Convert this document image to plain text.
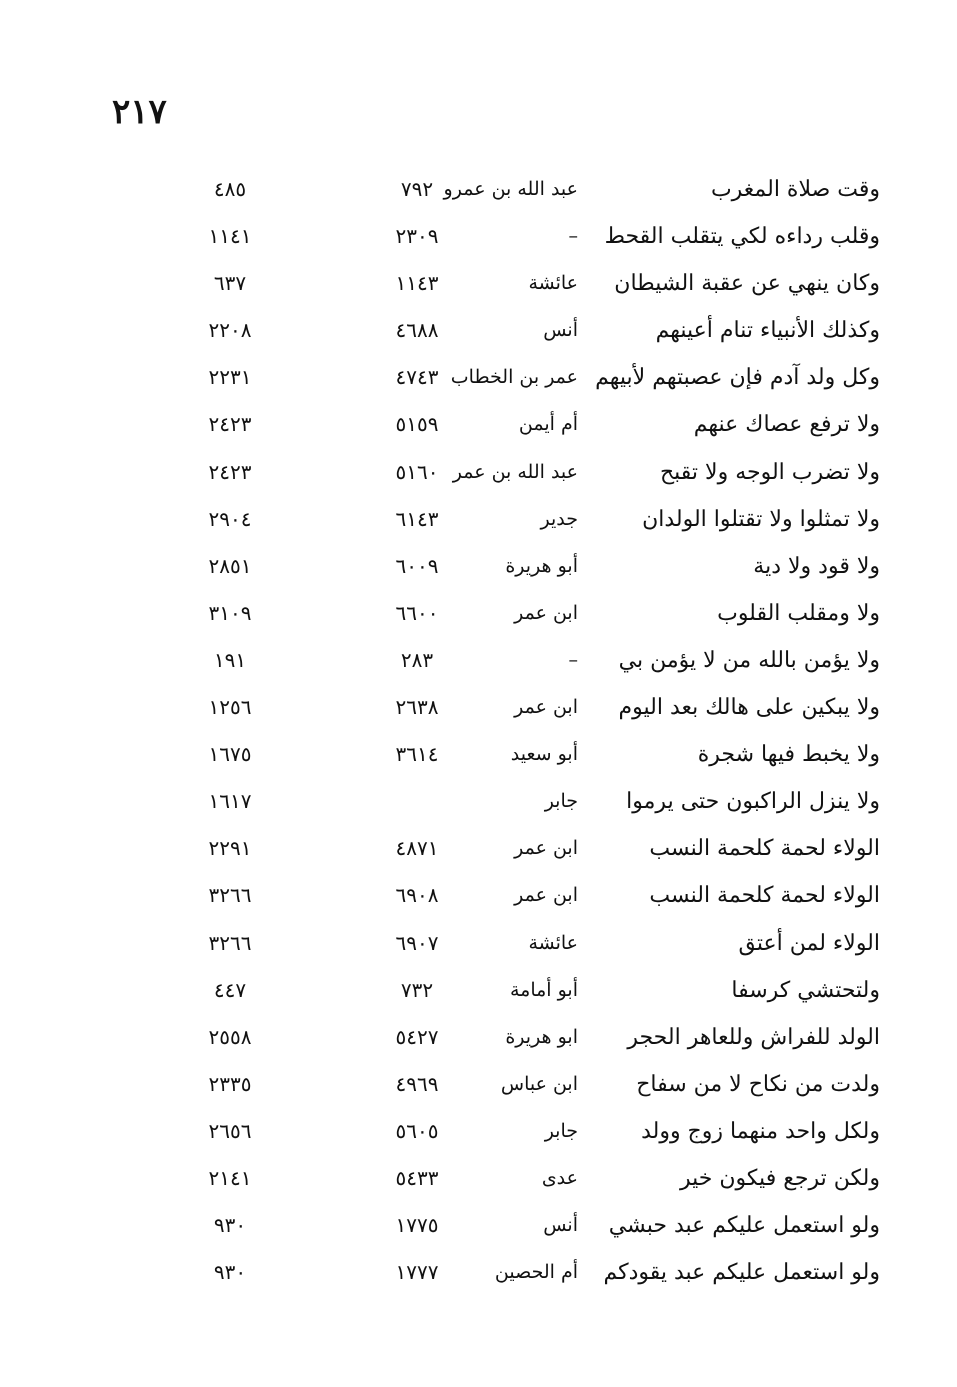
٢١٧
وقت صلاة المغرب
عبد الله بن عمرو
٧٩٢
٤٨٥
وقلب رداءه لكي يتقلب القحط
–
٢٣٠٩
١١٤١
وكان ينهي عن عقبة الشيطان
عائشة
١١٤٣
٦٣٧
وكذلك الأنبياء تنام أعينهم
أنس
٤٦٨٨
٢٢٠٨
وكل ولد آدم فإن عصبتهم لأبيهم
عمر بن الخطاب
٤٧٤٣
٢٢٣١
ولا ترفع عصاك عنهم
أم أيمن
٥١٥٩
٢٤٢٣
ولا تضرب الوجه ولا تقبح
عبد الله بن عمر
٥١٦٠
٢٤٢٣
ولا تمثلوا ولا تقتلوا الولدان
جدير
٦١٤٣
٢٩٠٤
ولا قود ولا دية
أبو هريرة
٦٠٠٩
٢٨٥١
ولا ومقلب القلوب
ابن عمر
٦٦٠٠
٣١٠٩
ولا يؤمن بالله من لا يؤمن بي
–
٢٨٣
١٩١
ولا يبكين على هالك بعد اليوم
ابن عمر
٢٦٣٨
١٢٥٦
ولا يخبط فيها شجرة
أبو سعيد
٣٦١٤
١٦٧٥
ولا ينزل الراكبون حتى يرموا
جابر
١٦١٧
الولاء لحمة كلحمة النسب
ابن عمر
٤٨٧١
٢٢٩١
الولاء لحمة كلحمة النسب
ابن عمر
٦٩٠٨
٣٢٦٦
الولاء لمن أعتق
عائشة
٦٩٠٧
٣٢٦٦
ولتحتشي كرسفا
أبو أمامة
٧٣٢
٤٤٧
الولد للفراش وللعاهر الحجر
ابو هريرة
٥٤٢٧
٢٥٥٨
ولدت من نكاح لا من سفاح
ابن عباس
٤٩٦٩
٢٣٣٥
ولكل واحد منهما زوج وولد
جابر
٥٦٠٥
٢٦٥٦
ولكن ترجع فيكون خير
عدى
٥٤٣٣
٢١٤١
ولو استعمل عليكم عبد حبشي
أنس
١٧٧٥
٩٣٠
ولو استعمل عليكم عبد يقودكم
أم الحصين
١٧٧٧
٩٣٠
